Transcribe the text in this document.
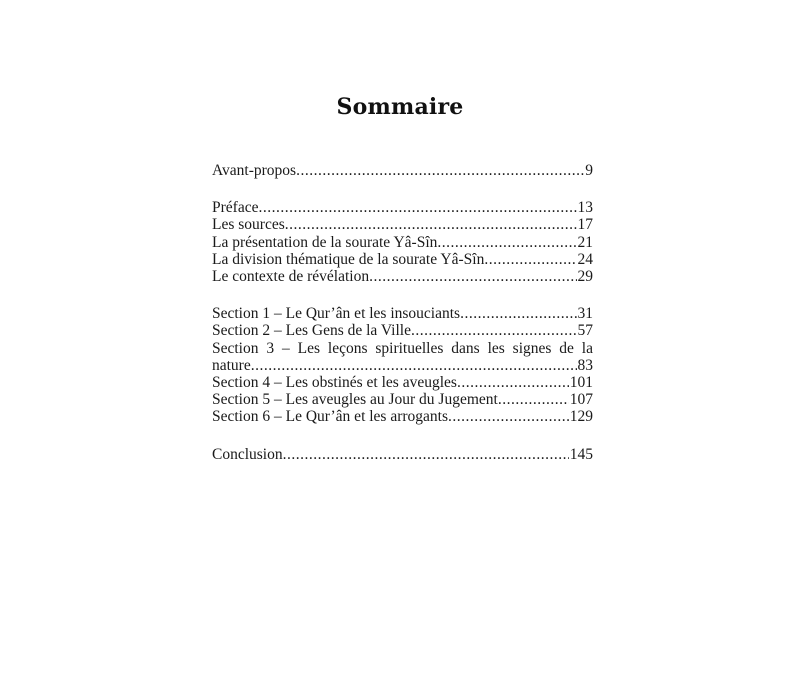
Sommaire
Avant-propos .....	9
Préface .....	13
Les sources .....	17
La présentation de la sourate Yâ-Sîn .....	21
La division thématique de la sourate Yâ-Sîn .....	24
Le contexte de révélation .....	29
Section 1 – Le Qur’ân et les insouciants .....	31
Section 2 – Les Gens de la Ville .....	57
Section 3 – Les leçons spirituelles dans les signes de la
nature .....	83
Section 4 – Les obstinés et les aveugles .....	101
Section 5 – Les aveugles au Jour du Jugement .....	107
Section 6 – Le Qur’ân et les arrogants .....	129
Conclusion .....	145
